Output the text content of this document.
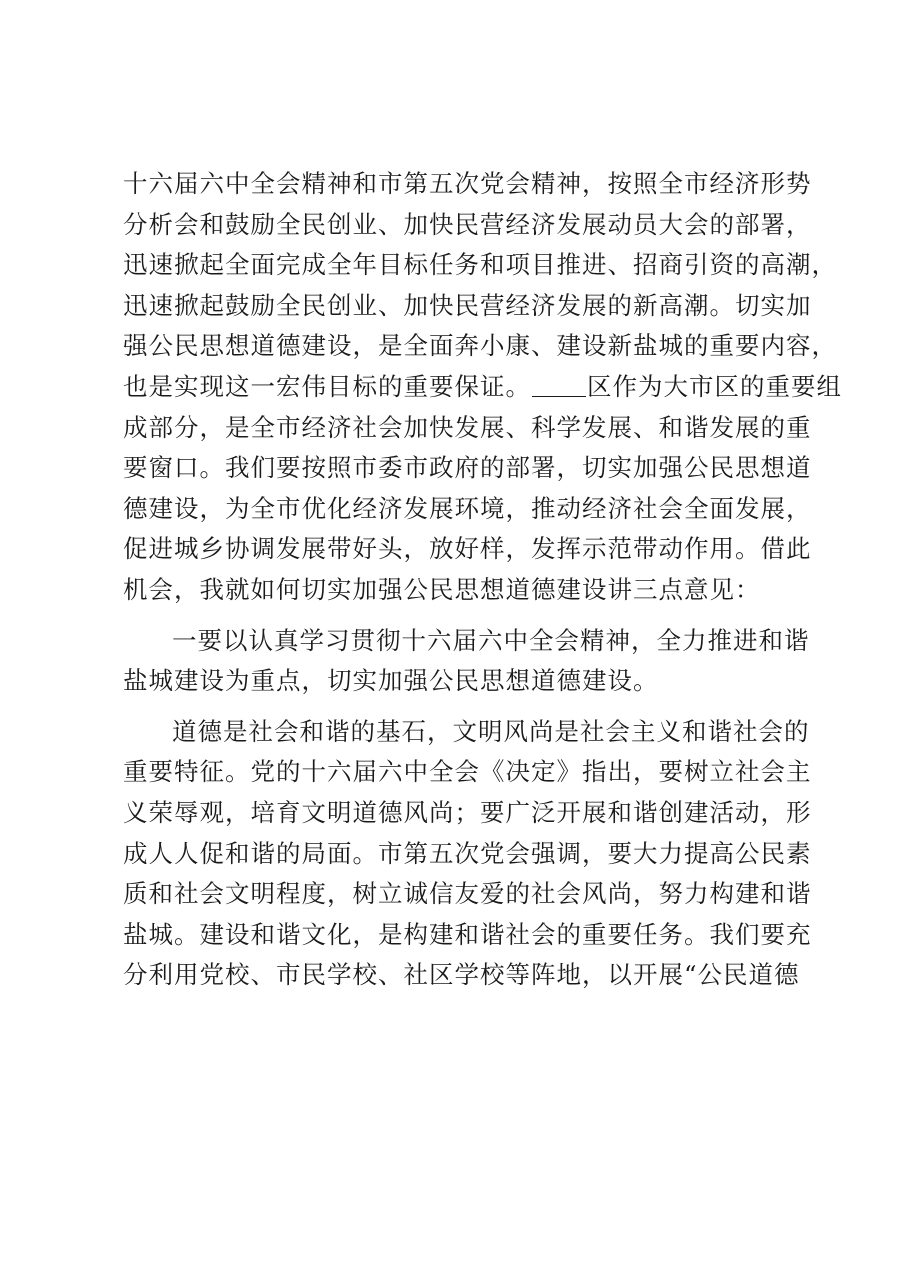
十六届六中全会精神和市第五次党会精神，按照全市经济形势
分析会和鼓励全民创业、加快民营经济发展动员大会的部署，
迅速掀起全面完成全年目标任务和项目推进、招商引资的高潮，
迅速掀起鼓励全民创业、加快民营经济发展的新高潮。切实加
强公民思想道德建设，是全面奔小康、建设新盐城的重要内容，
也是实现这一宏伟目标的重要保证。 区作为大市区的重要组
成部分，是全市经济社会加快发展、科学发展、和谐发展的重
要窗口。我们要按照市委市政府的部署，切实加强公民思想道
德建设，为全市优化经济发展环境，推动经济社会全面发展，
促进城乡协调发展带好头，放好样，发挥示范带动作用。借此
机会，我就如何切实加强公民思想道德建设讲三点意见：
一要以认真学习贯彻十六届六中全会精神，全力推进和谐
盐城建设为重点，切实加强公民思想道德建设。
道德是社会和谐的基石，文明风尚是社会主义和谐社会的
重要特征。党的十六届六中全会《决定》指出，要树立社会主
义荣辱观，培育文明道德风尚；要广泛开展和谐创建活动，形
成人人促和谐的局面。市第五次党会强调，要大力提高公民素
质和社会文明程度，树立诚信友爱的社会风尚，努力构建和谐
盐城。建设和谐文化，是构建和谐社会的重要任务。我们要充
分利用党校、市民学校、社区学校等阵地，以开展“公民道德
